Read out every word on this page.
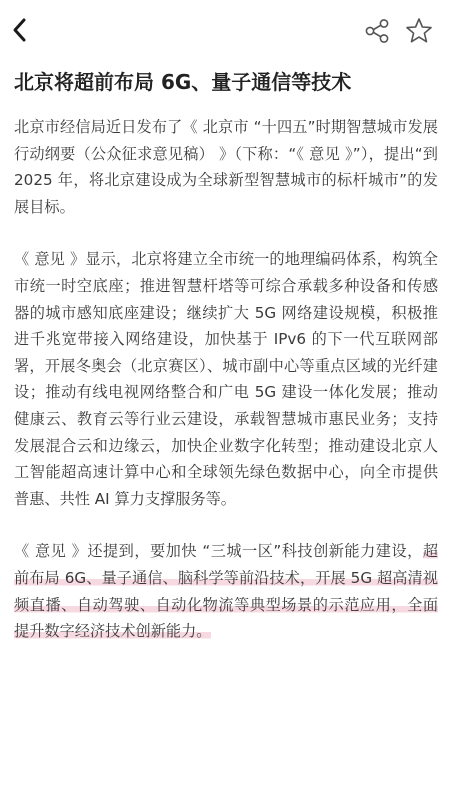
北京将超前布局 6G、量子通信等技术

北京市经信局近日发布了《 北京市 “十四五”时期智慧城市发展行动纲要（公众征求意见稿） 》（下称：“《 意见 》”），提出“到 2025 年，将北京建设成为全球新型智慧城市的标杆城市”的发展目标。

《 意见 》显示，北京将建立全市统一的地理编码体系，构筑全市统一时空底座；推进智慧杆塔等可综合承载多种设备和传感器的城市感知底座建设；继续扩大 5G 网络建设规模，积极推进千兆宽带接入网络建设，加快基于 IPv6 的下一代互联网部署，开展冬奥会（北京赛区）、城市副中心等重点区域的光纤建设；推动有线电视网络整合和广电 5G 建设一体化发展；推动健康云、教育云等行业云建设，承载智慧城市惠民业务；支持发展混合云和边缘云，加快企业数字化转型；推动建设北京人工智能超高速计算中心和全球领先绿色数据中心，向全市提供普惠、共性 AI 算力支撑服务等。

《 意见 》还提到，要加快 “三城一区”科技创新能力建设，超前布局 6G、量子通信、脑科学等前沿技术，开展 5G 超高清视频直播、自动驾驶、自动化物流等典型场景的示范应用，全面提升数字经济技术创新能力。
